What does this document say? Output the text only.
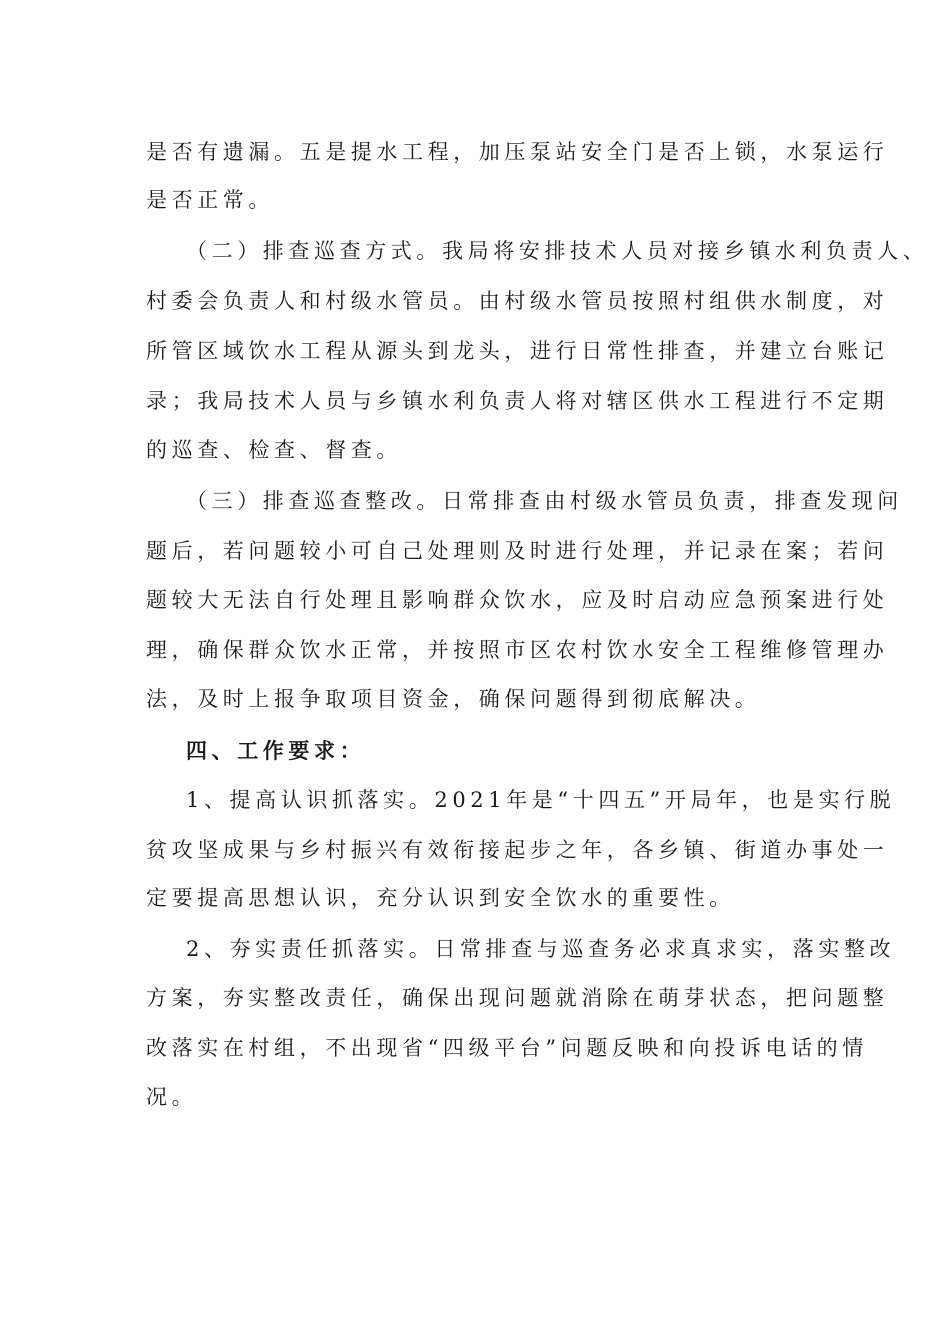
是否有遗漏。五是提水工程，加压泵站安全门是否上锁，水泵运行
是否正常。
（二）排查巡查方式。我局将安排技术人员对接乡镇水利负责人、
村委会负责人和村级水管员。由村级水管员按照村组供水制度，对
所管区域饮水工程从源头到龙头，进行日常性排查，并建立台账记
录；我局技术人员与乡镇水利负责人将对辖区供水工程进行不定期
的巡查、检查、督查。
（三）排查巡查整改。日常排查由村级水管员负责，排查发现问
题后，若问题较小可自己处理则及时进行处理，并记录在案；若问
题较大无法自行处理且影响群众饮水，应及时启动应急预案进行处
理，确保群众饮水正常，并按照市区农村饮水安全工程维修管理办
法，及时上报争取项目资金，确保问题得到彻底解决。
四、工作要求：
1、提高认识抓落实。2021年是“十四五”开局年，也是实行脱
贫攻坚成果与乡村振兴有效衔接起步之年，各乡镇、街道办事处一
定要提高思想认识，充分认识到安全饮水的重要性。
2、夯实责任抓落实。日常排查与巡查务必求真求实，落实整改
方案，夯实整改责任，确保出现问题就消除在萌芽状态，把问题整
改落实在村组，不出现省“四级平台”问题反映和向投诉电话的情
况。
